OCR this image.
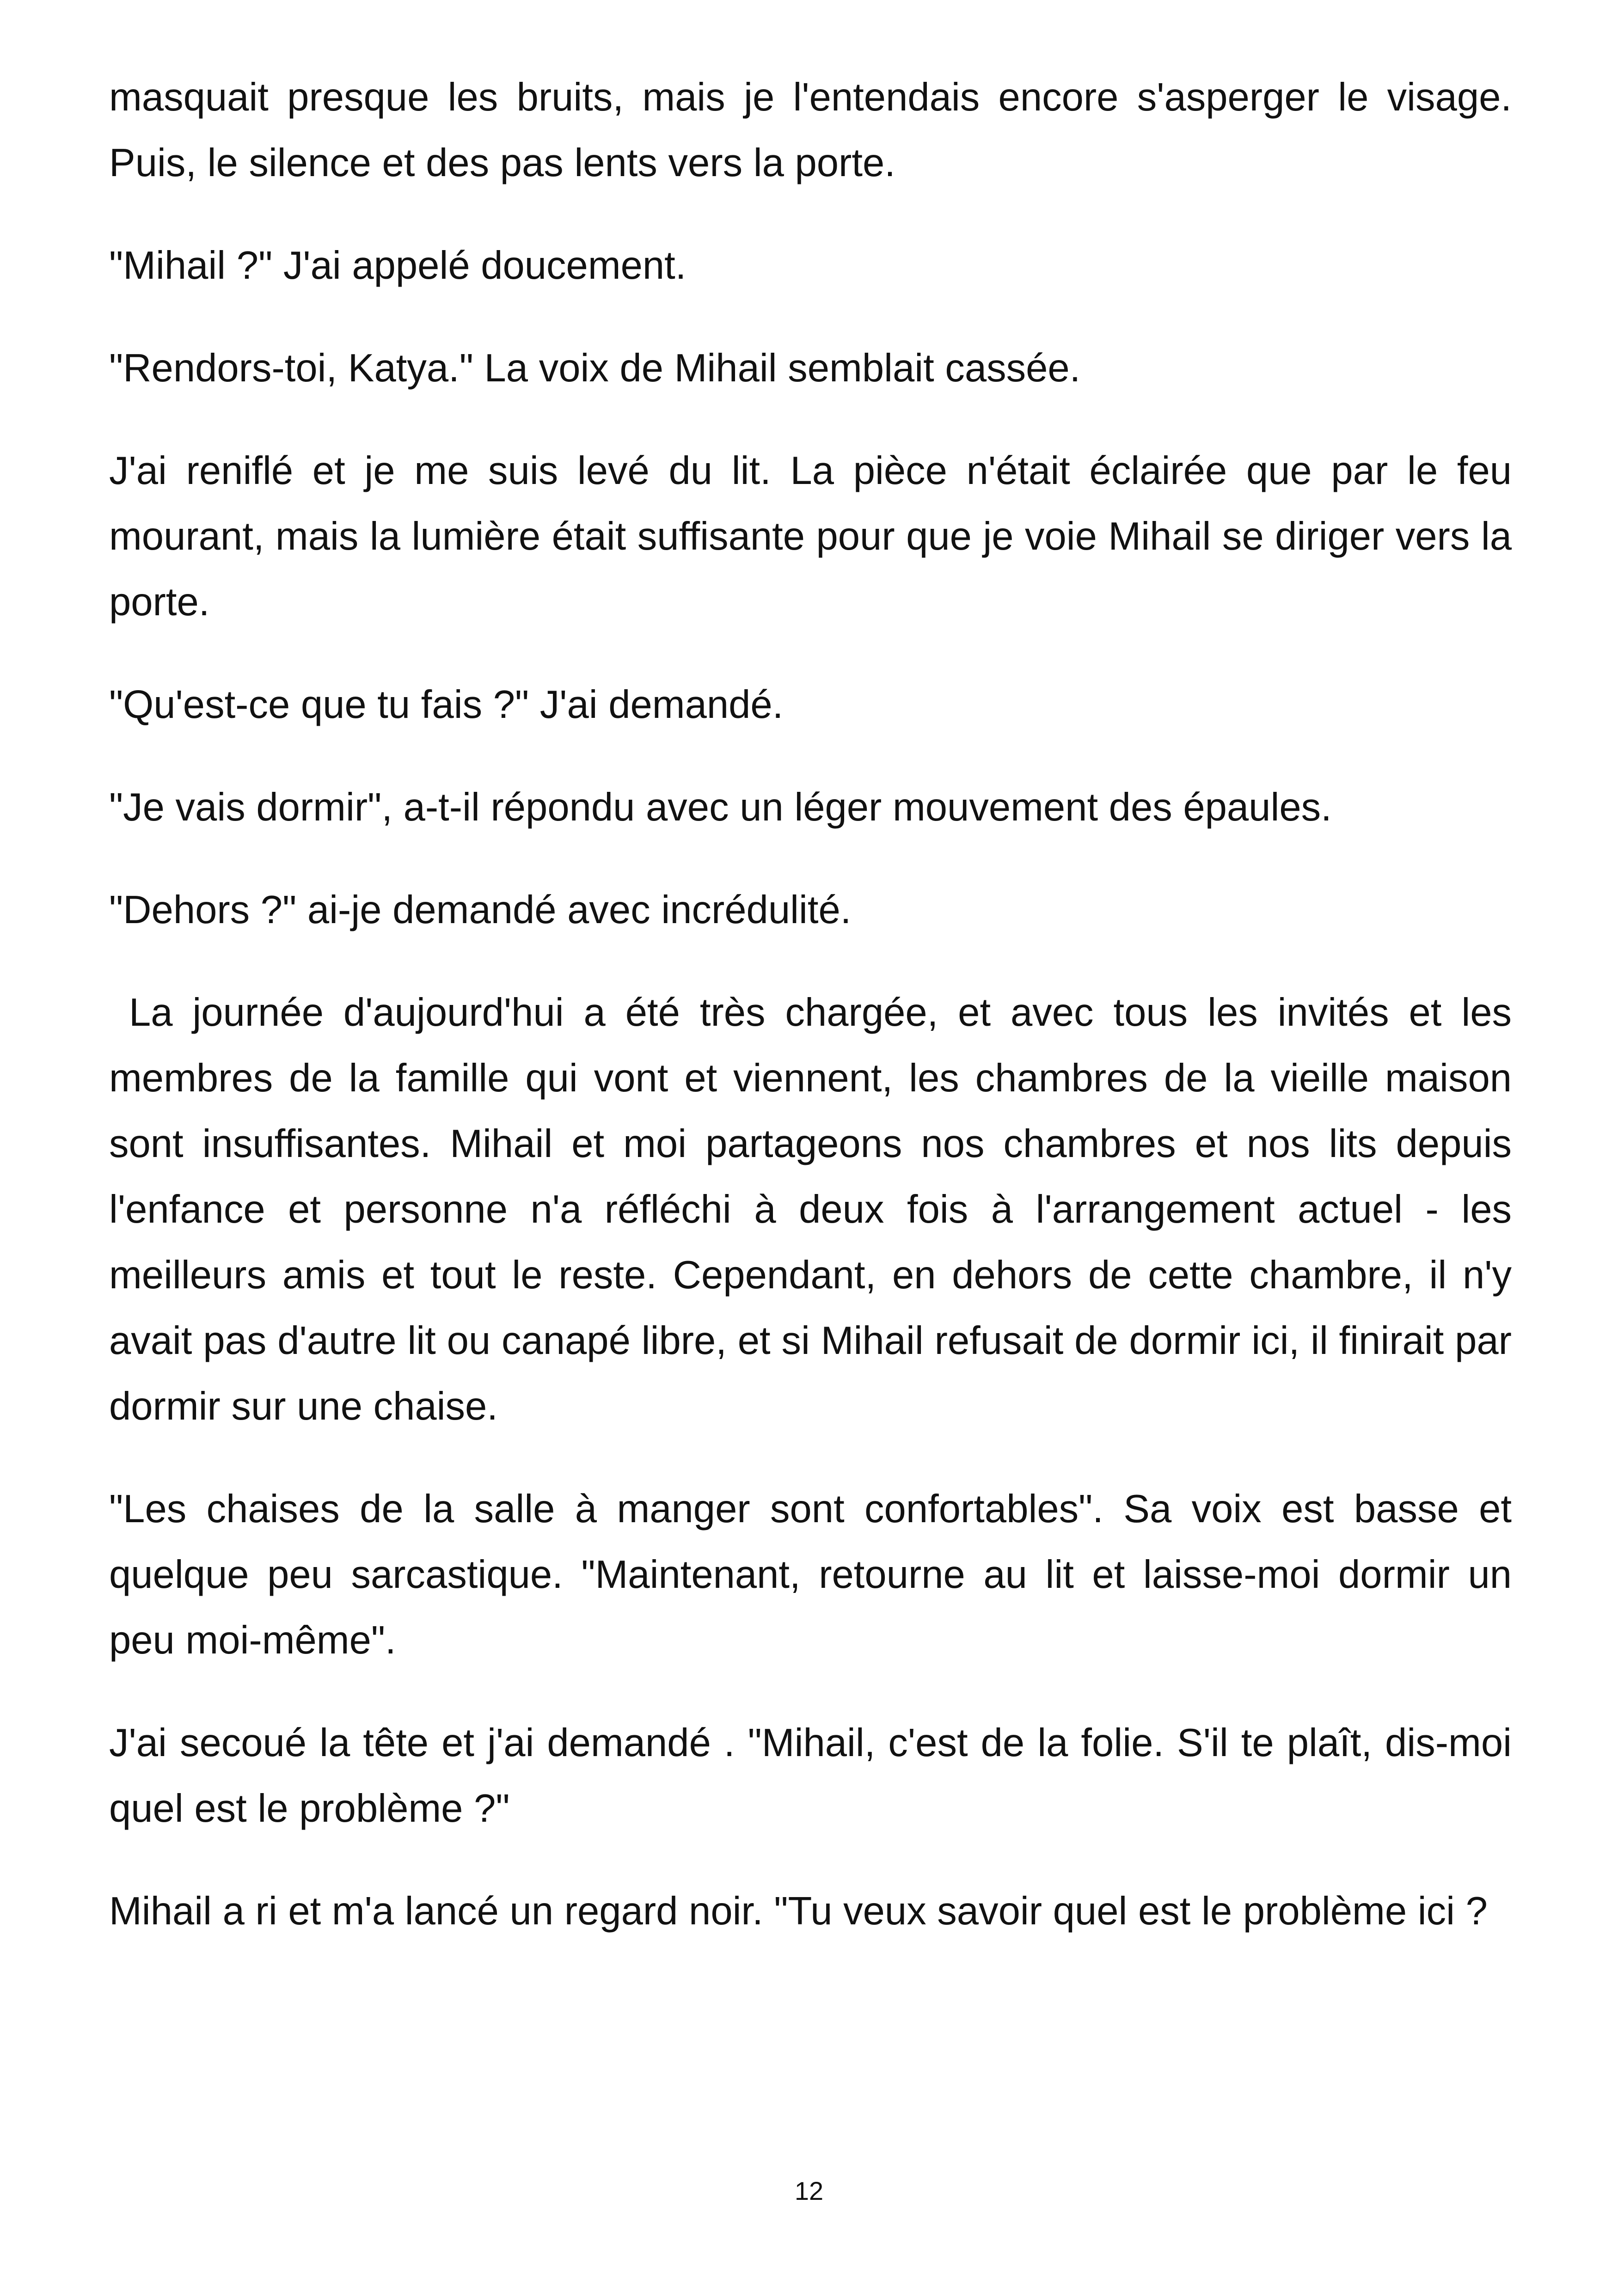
masquait presque les bruits, mais je l'entendais encore s'asperger le visage. Puis, le silence et des pas lents vers la porte.

"Mihail ?" J'ai appelé doucement.

"Rendors-toi, Katya." La voix de Mihail semblait cassée.

J'ai reniflé et je me suis levé du lit. La pièce n'était éclairée que par le feu mourant, mais la lumière était suffisante pour que je voie Mihail se diriger vers la porte.

"Qu'est-ce que tu fais ?" J'ai demandé.

"Je vais dormir", a-t-il répondu avec un léger mouvement des épaules.

"Dehors ?" ai-je demandé avec incrédulité.

La journée d'aujourd'hui a été très chargée, et avec tous les invités et les membres de la famille qui vont et viennent, les chambres de la vieille maison sont insuffisantes. Mihail et moi partageons nos chambres et nos lits depuis l'enfance et personne n'a réfléchi à deux fois à l'arrangement actuel - les meilleurs amis et tout le reste. Cependant, en dehors de cette chambre, il n'y avait pas d'autre lit ou canapé libre, et si Mihail refusait de dormir ici, il finirait par dormir sur une chaise.

"Les chaises de la salle à manger sont confortables". Sa voix est basse et quelque peu sarcastique. "Maintenant, retourne au lit et laisse-moi dormir un peu moi-même".

J'ai secoué la tête et j'ai demandé . "Mihail, c'est de la folie. S'il te plaît, dis-moi quel est le problème ?"

Mihail a ri et m'a lancé un regard noir. "Tu veux savoir quel est le problème ici ?

12
